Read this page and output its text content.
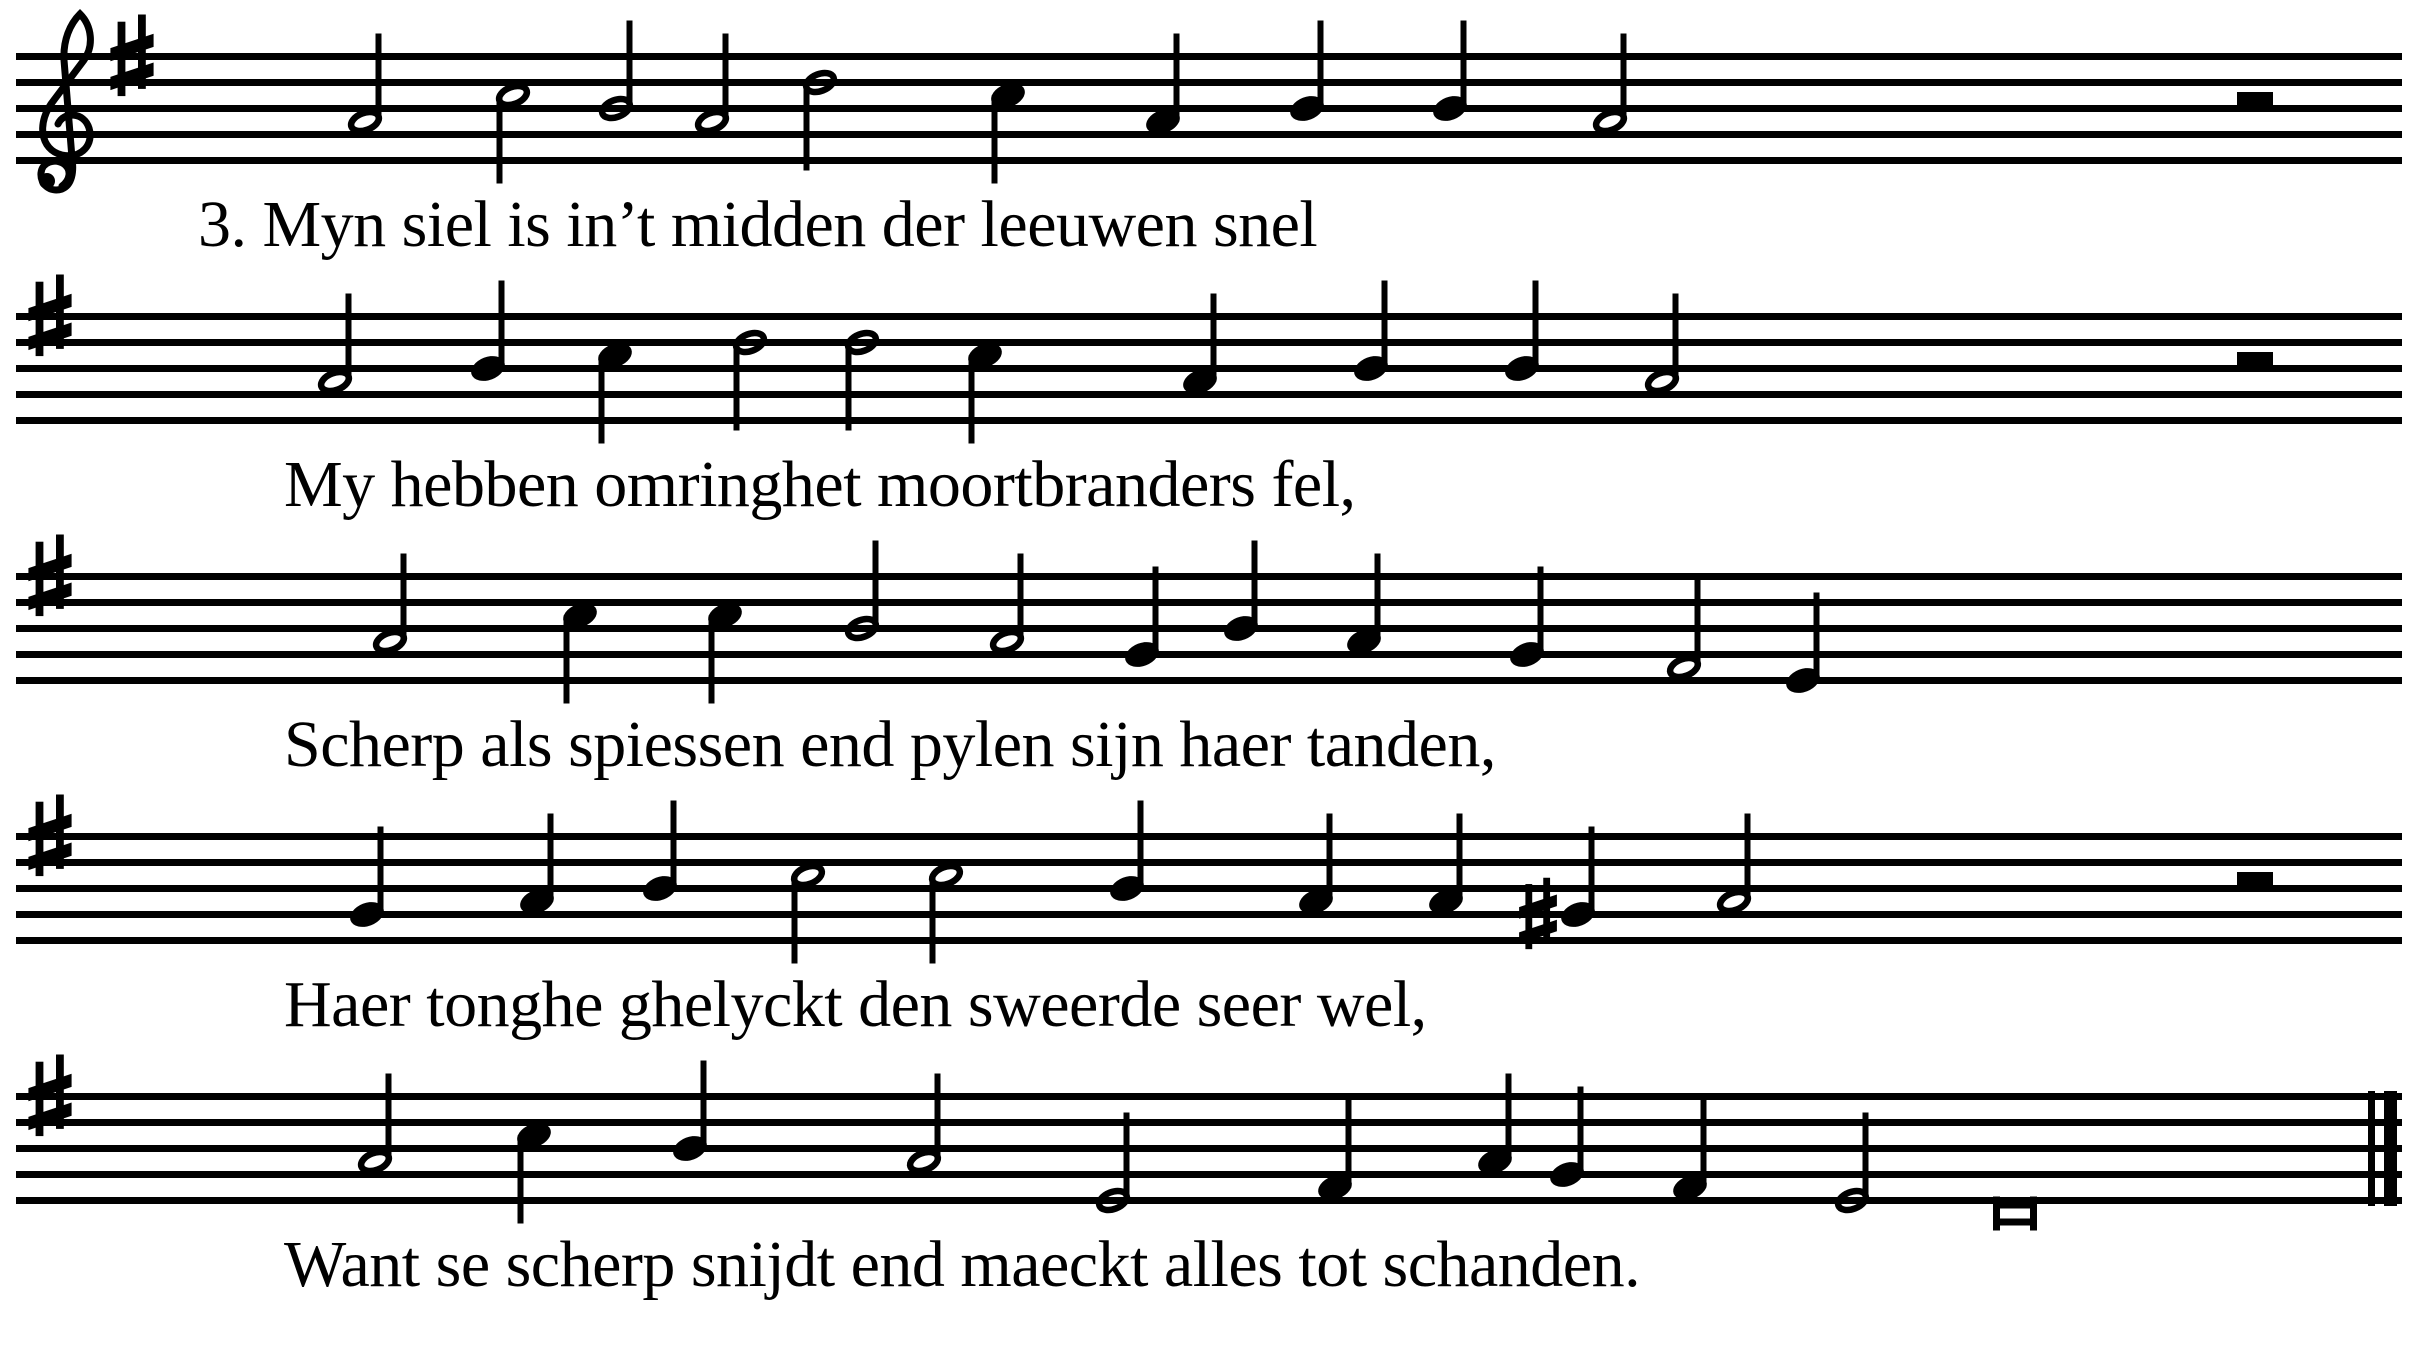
3. Myn siel is in’t midden der leeuwen snel
My hebben omringhet moortbranders fel,
Scherp als spiessen end pylen sijn haer tanden,
Haer tonghe ghelyckt den sweerde seer wel,
Want se scherp snijdt end maeckt alles tot schanden.
